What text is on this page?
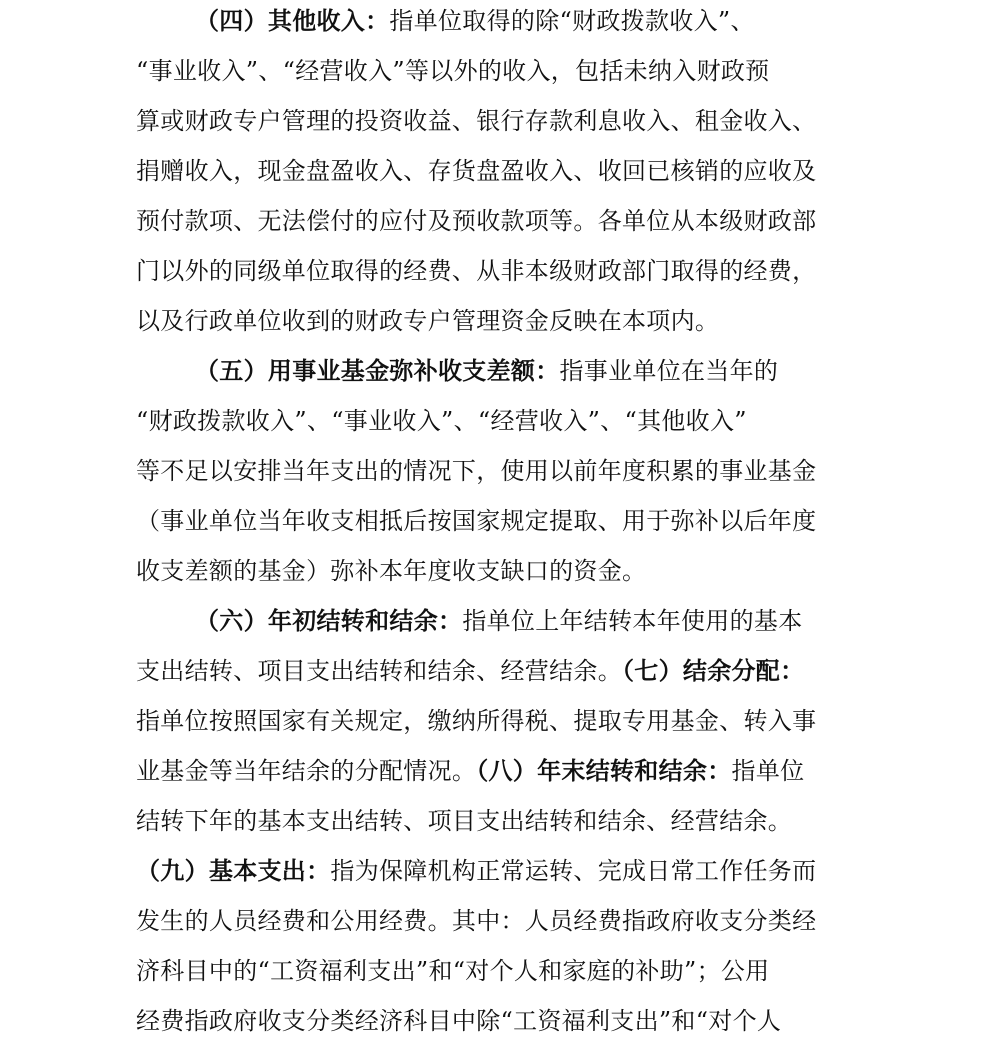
（四）其他收入：指单位取得的除“财政拨款收入”、
“事业收入”、“经营收入”等以外的收入，包括未纳入财政预
算或财政专户管理的投资收益、银行存款利息收入、租金收入、
捐赠收入，现金盘盈收入、存货盘盈收入、收回已核销的应收及
预付款项、无法偿付的应付及预收款项等。各单位从本级财政部
门以外的同级单位取得的经费、从非本级财政部门取得的经费，
以及行政单位收到的财政专户管理资金反映在本项内。
（五）用事业基金弥补收支差额：指事业单位在当年的
“财政拨款收入”、“事业收入”、“经营收入”、“其他收入”
等不足以安排当年支出的情况下，使用以前年度积累的事业基金
（事业单位当年收支相抵后按国家规定提取、用于弥补以后年度
收支差额的基金）弥补本年度收支缺口的资金。
（六）年初结转和结余：指单位上年结转本年使用的基本
支出结转、项目支出结转和结余、经营结余。（七）结余分配：
指单位按照国家有关规定，缴纳所得税、提取专用基金、转入事
业基金等当年结余的分配情况。（八）年末结转和结余：指单位
结转下年的基本支出结转、项目支出结转和结余、经营结余。
（九）基本支出：指为保障机构正常运转、完成日常工作任务而
发生的人员经费和公用经费。其中：人员经费指政府收支分类经
济科目中的“工资福利支出”和“对个人和家庭的补助”；公用
经费指政府收支分类经济科目中除“工资福利支出”和“对个人
